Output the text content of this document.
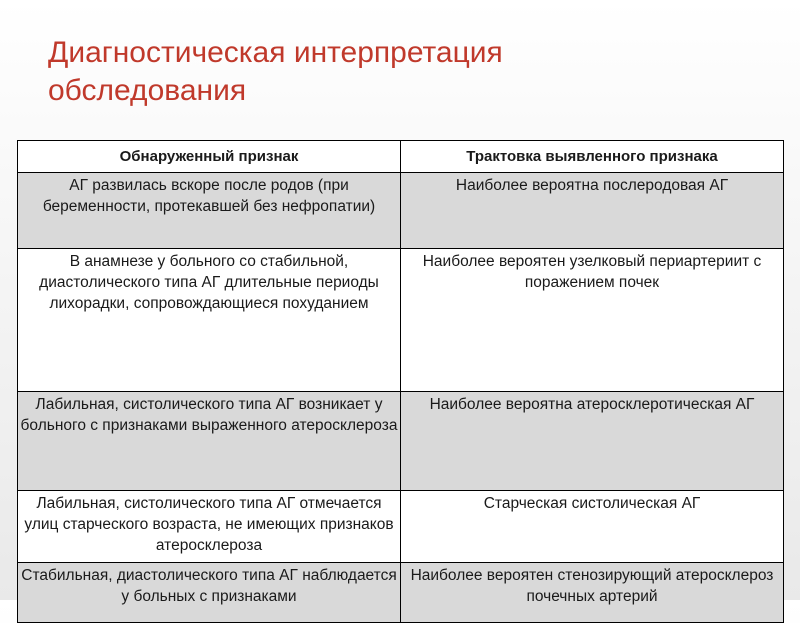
Диагностическая интерпретация
обследования
Обнаруженный признак	Трактовка выявленного признака
АГ развилась вскоре после родов (при беременности, протекавшей без нефропатии)	Наиболее вероятна послеродовая АГ
В анамнезе у больного со стабильной, диастолического типа АГ длительные периоды лихорадки, сопровождающиеся похуданием	Наиболее вероятен узелковый периартериит с поражением почек
Лабильная, систолического типа АГ возникает у больного с признаками выраженного атеросклероза	Наиболее вероятна атеросклеротическая АГ
Лабильная, систолического типа АГ отмечается улиц старческого возраста, не имеющих признаков атеросклероза	Старческая систолическая АГ
Стабильная, диастолического типа АГ наблюдается у больных с признаками	Наиболее вероятен стенозирующий атеросклероз почечных артерий
